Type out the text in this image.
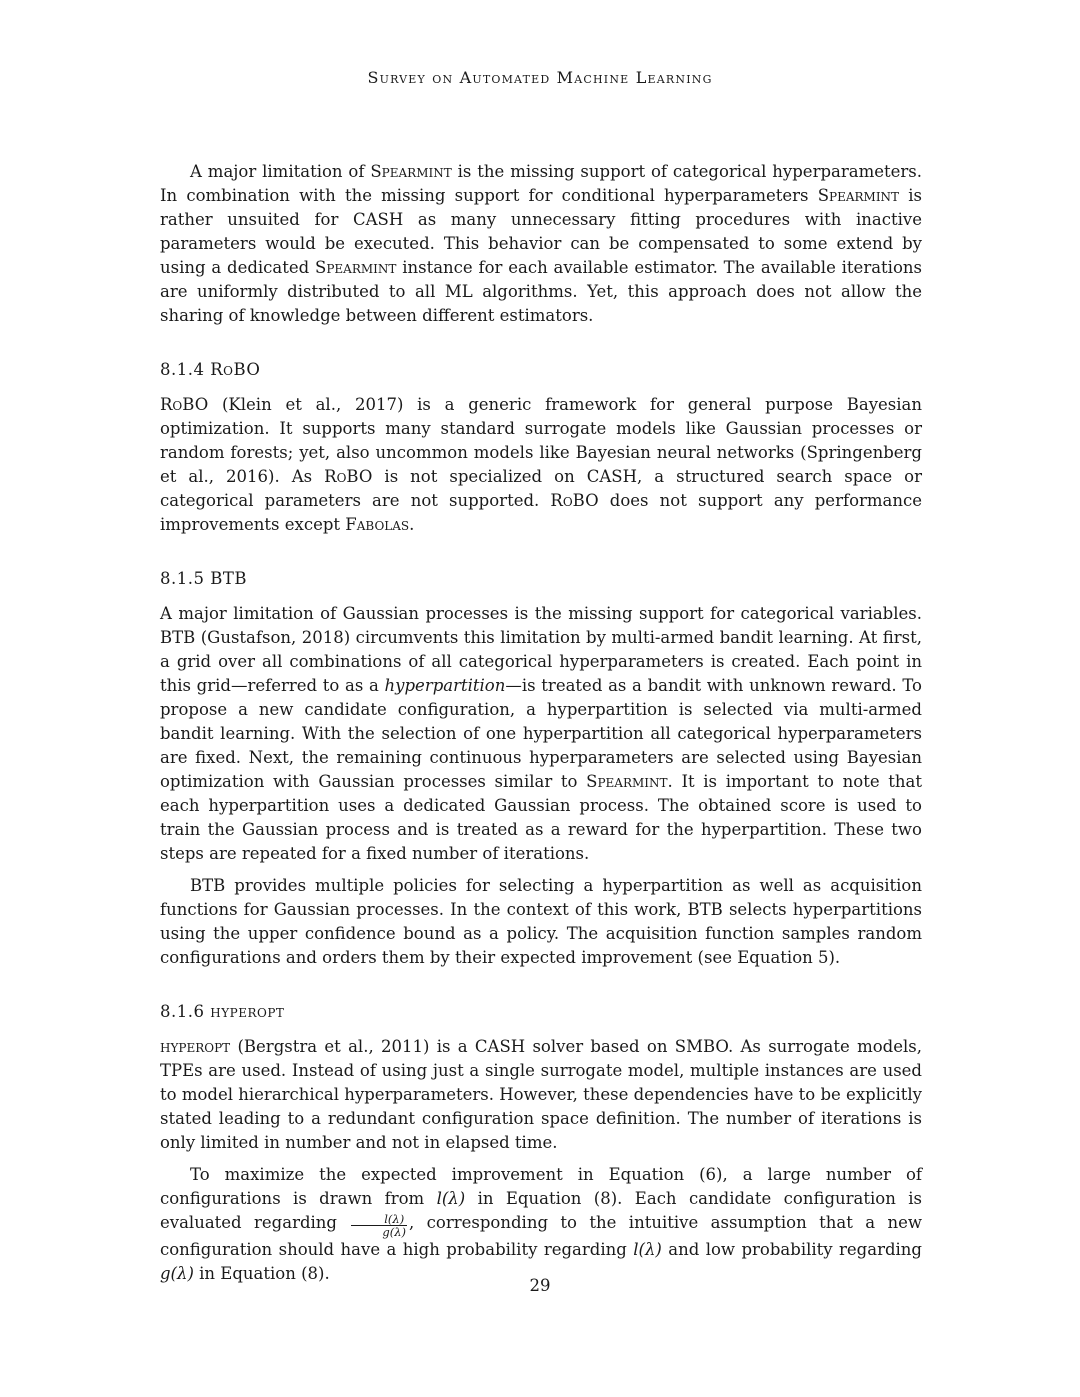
Survey on Automated Machine Learning

A major limitation of Spearmint is the missing support of categorical hyperparameters. In combination with the missing support for conditional hyperparameters Spearmint is rather unsuited for CASH as many unnecessary fitting procedures with inactive parameters would be executed. This behavior can be compensated to some extend by using a dedicated Spearmint instance for each available estimator. The available iterations are uniformly distributed to all ML algorithms. Yet, this approach does not allow the sharing of knowledge between different estimators.

8.1.4 RoBO

RoBO (Klein et al., 2017) is a generic framework for general purpose Bayesian optimization. It supports many standard surrogate models like Gaussian processes or random forests; yet, also uncommon models like Bayesian neural networks (Springenberg et al., 2016). As RoBO is not specialized on CASH, a structured search space or categorical parameters are not supported. RoBO does not support any performance improvements except Fabolas.

8.1.5 BTB

A major limitation of Gaussian processes is the missing support for categorical variables. BTB (Gustafson, 2018) circumvents this limitation by multi-armed bandit learning. At first, a grid over all combinations of all categorical hyperparameters is created. Each point in this grid—referred to as a hyperpartition—is treated as a bandit with unknown reward. To propose a new candidate configuration, a hyperpartition is selected via multi-armed bandit learning. With the selection of one hyperpartition all categorical hyperparameters are fixed. Next, the remaining continuous hyperparameters are selected using Bayesian optimization with Gaussian processes similar to Spearmint. It is important to note that each hyperpartition uses a dedicated Gaussian process. The obtained score is used to train the Gaussian process and is treated as a reward for the hyperpartition. These two steps are repeated for a fixed number of iterations.

BTB provides multiple policies for selecting a hyperpartition as well as acquisition functions for Gaussian processes. In the context of this work, BTB selects hyperpartitions using the upper confidence bound as a policy. The acquisition function samples random configurations and orders them by their expected improvement (see Equation 5).

8.1.6 hyperopt

hyperopt (Bergstra et al., 2011) is a CASH solver based on SMBO. As surrogate models, TPEs are used. Instead of using just a single surrogate model, multiple instances are used to model hierarchical hyperparameters. However, these dependencies have to be explicitly stated leading to a redundant configuration space definition. The number of iterations is only limited in number and not in elapsed time.

To maximize the expected improvement in Equation (6), a large number of configurations is drawn from l(λ) in Equation (8). Each candidate configuration is evaluated regarding $\frac{l(\lambda)}{g(\lambda)}$ , corresponding to the intuitive assumption that a new configuration should have a high probability regarding l(λ) and low probability regarding g(λ) in Equation (8).

29
